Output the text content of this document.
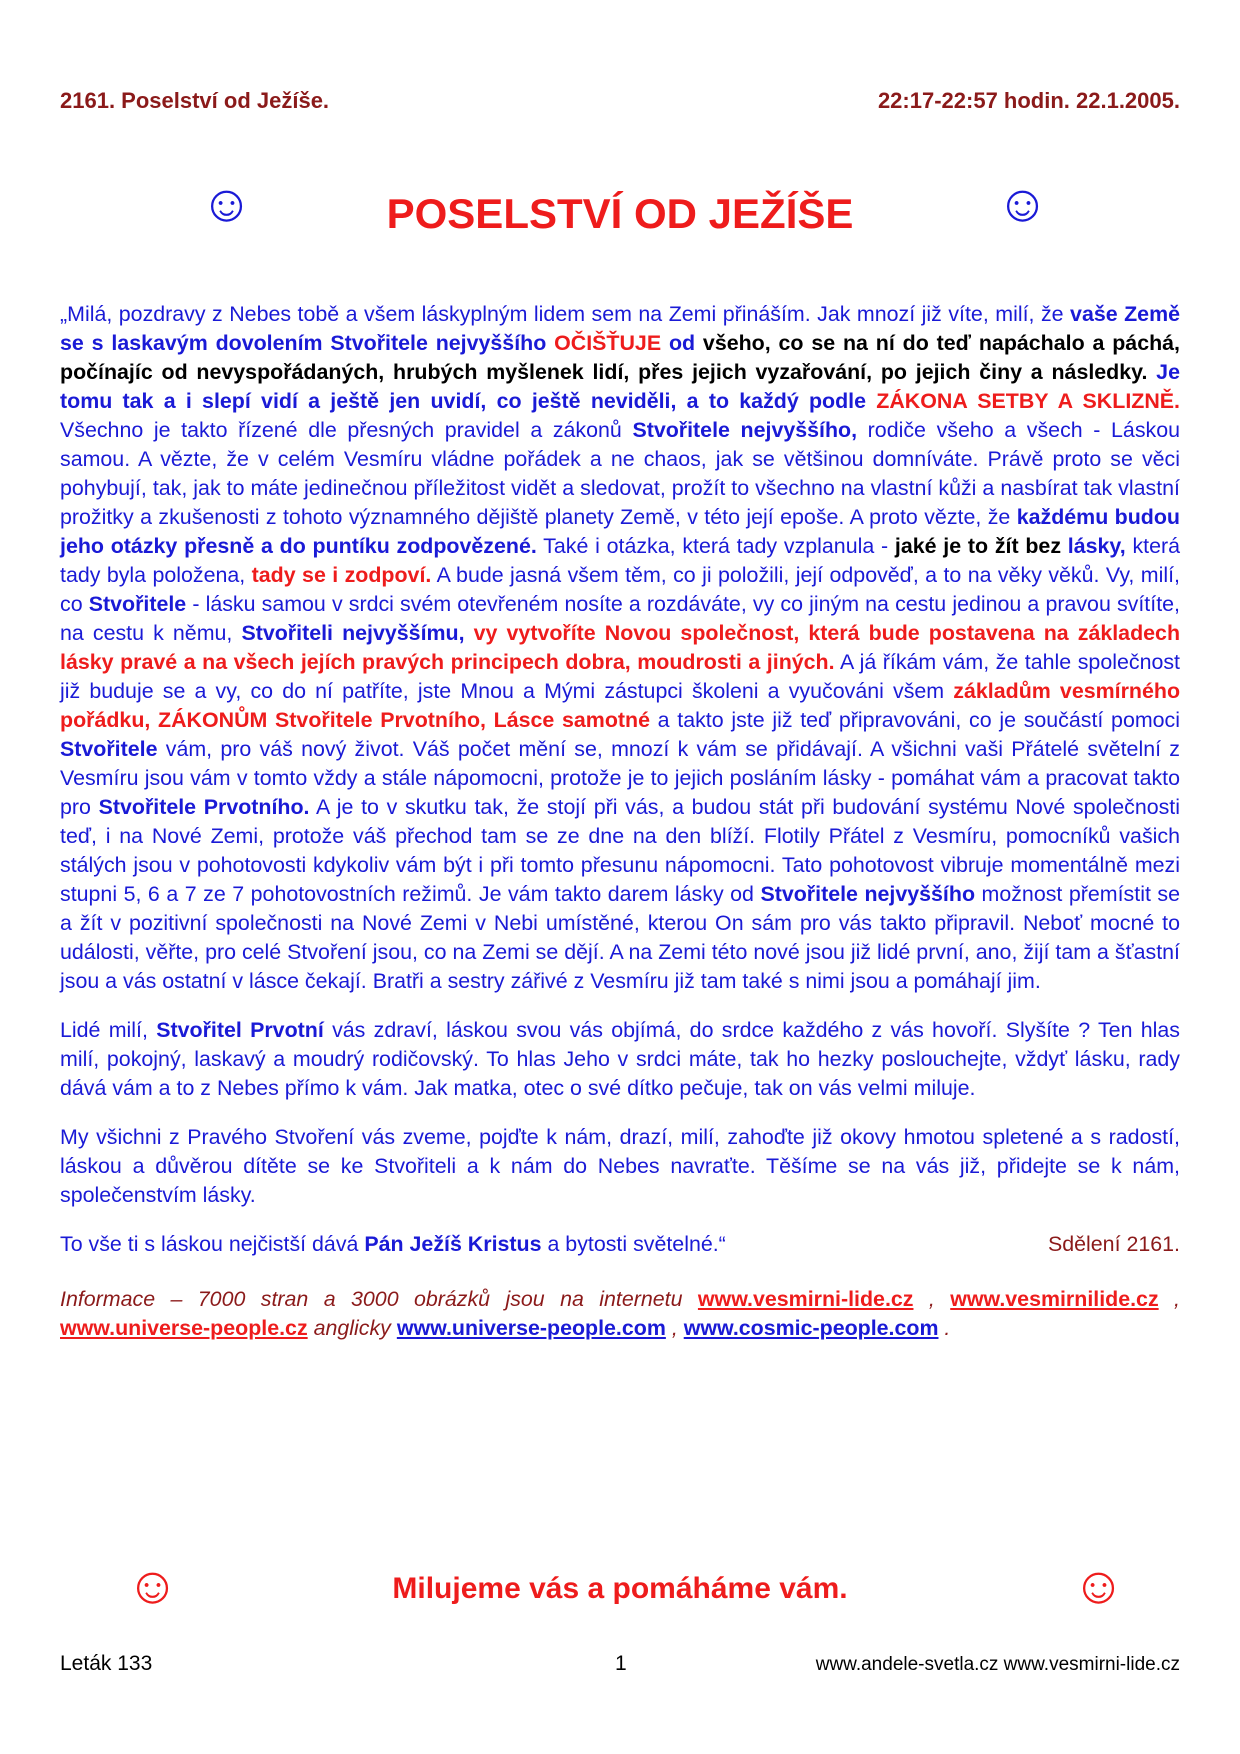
2161. Poselství od Ježíše.	22:17-22:57 hodin. 22.1.2005.
☺	POSELSTVÍ OD JEŽÍŠE	☺

„Milá, pozdravy z Nebes tobě a všem láskyplným lidem sem na Zemi přináším. Jak mnozí již víte, milí, že vaše Země se s laskavým dovolením Stvořitele nejvyššího OČIŠŤUJE od všeho, co se na ní do teď napáchalo a páchá, počínajíc od nevyspořádaných, hrubých myšlenek lidí, přes jejich vyzařování, po jejich činy a následky. Je tomu tak a i slepí vidí a ještě jen uvidí, co ještě neviděli, a to každý podle ZÁKONA SETBY A SKLIZNĚ. Všechno je takto řízené dle přesných pravidel a zákonů Stvořitele nejvyššího, rodiče všeho a všech - Láskou samou. A vězte, že v celém Vesmíru vládne pořádek a ne chaos, jak se většinou domníváte. Právě proto se věci pohybují, tak, jak to máte jedinečnou příležitost vidět a sledovat, prožít to všechno na vlastní kůži a nasbírat tak vlastní prožitky a zkušenosti z tohoto významného dějiště planety Země, v této její epoše. A proto vězte, že každému budou jeho otázky přesně a do puntíku zodpovězené. Také i otázka, která tady vzplanula - jaké je to žít bez lásky, která tady byla položena, tady se i zodpoví. A bude jasná všem těm, co ji položili, její odpověď, a to na věky věků. Vy, milí, co Stvořitele - lásku samou v srdci svém otevřeném nosíte a rozdáváte, vy co jiným na cestu jedinou a pravou svítíte, na cestu k němu, Stvořiteli nejvyššímu, vy vytvoříte Novou společnost, která bude postavena na základech lásky pravé a na všech jejích pravých principech dobra, moudrosti a jiných. A já říkám vám, že tahle společnost již buduje se a vy, co do ní patříte, jste Mnou a Mými zástupci školeni a vyučováni všem základům vesmírného pořádku, ZÁKONŮM Stvořitele Prvotního, Lásce samotné a takto jste již teď připravováni, co je součástí pomoci Stvořitele vám, pro váš nový život. Váš počet mění se, mnozí k vám se přidávají. A všichni vaši Přátelé světelní z Vesmíru jsou vám v tomto vždy a stále nápomocni, protože je to jejich posláním lásky - pomáhat vám a pracovat takto pro Stvořitele Prvotního. A je to v skutku tak, že stojí při vás, a budou stát při budování systému Nové společnosti teď, i na Nové Zemi, protože váš přechod tam se ze dne na den blíží. Flotily Přátel z Vesmíru, pomocníků vašich stálých jsou v pohotovosti kdykoliv vám být i při tomto přesunu nápomocni. Tato pohotovost vibruje momentálně mezi stupni 5, 6 a 7 ze 7 pohotovostních režimů. Je vám takto darem lásky od Stvořitele nejvyššího možnost přemístit se a žít v pozitivní společnosti na Nové Zemi v Nebi umístěné, kterou On sám pro vás takto připravil. Neboť mocné to události, věřte, pro celé Stvoření jsou, co na Zemi se dějí. A na Zemi této nové jsou již lidé první, ano, žijí tam a šťastní jsou a vás ostatní v lásce čekají. Bratři a sestry zářivé z Vesmíru již tam také s nimi jsou a pomáhají jim.

Lidé milí, Stvořitel Prvotní vás zdraví, láskou svou vás objímá, do srdce každého z vás hovoří. Slyšíte ? Ten hlas milí, pokojný, laskavý a moudrý rodičovský. To hlas Jeho v srdci máte, tak ho hezky poslouchejte, vždyť lásku, rady dává vám a to z Nebes přímo k vám. Jak matka, otec o své dítko pečuje, tak on vás velmi miluje.

My všichni z Pravého Stvoření vás zveme, pojďte k nám, drazí, milí, zahoďte již okovy hmotou spletené a s radostí, láskou a důvěrou dítěte se ke Stvořiteli a k nám do Nebes navraťte. Těšíme se na vás již, přidejte se k nám, společenstvím lásky.

To vše ti s láskou nejčistší dává Pán Ježíš Kristus a bytosti světelné.“	Sdělení 2161.

Informace – 7000 stran a 3000 obrázků jsou na internetu www.vesmirni-lide.cz , www.vesmirnilide.cz , www.universe-people.cz anglicky www.universe-people.com , www.cosmic-people.com .
☺	Milujeme vás a pomáháme vám.	☺
Leták 133	1	www.andele-svetla.cz www.vesmirni-lide.cz
